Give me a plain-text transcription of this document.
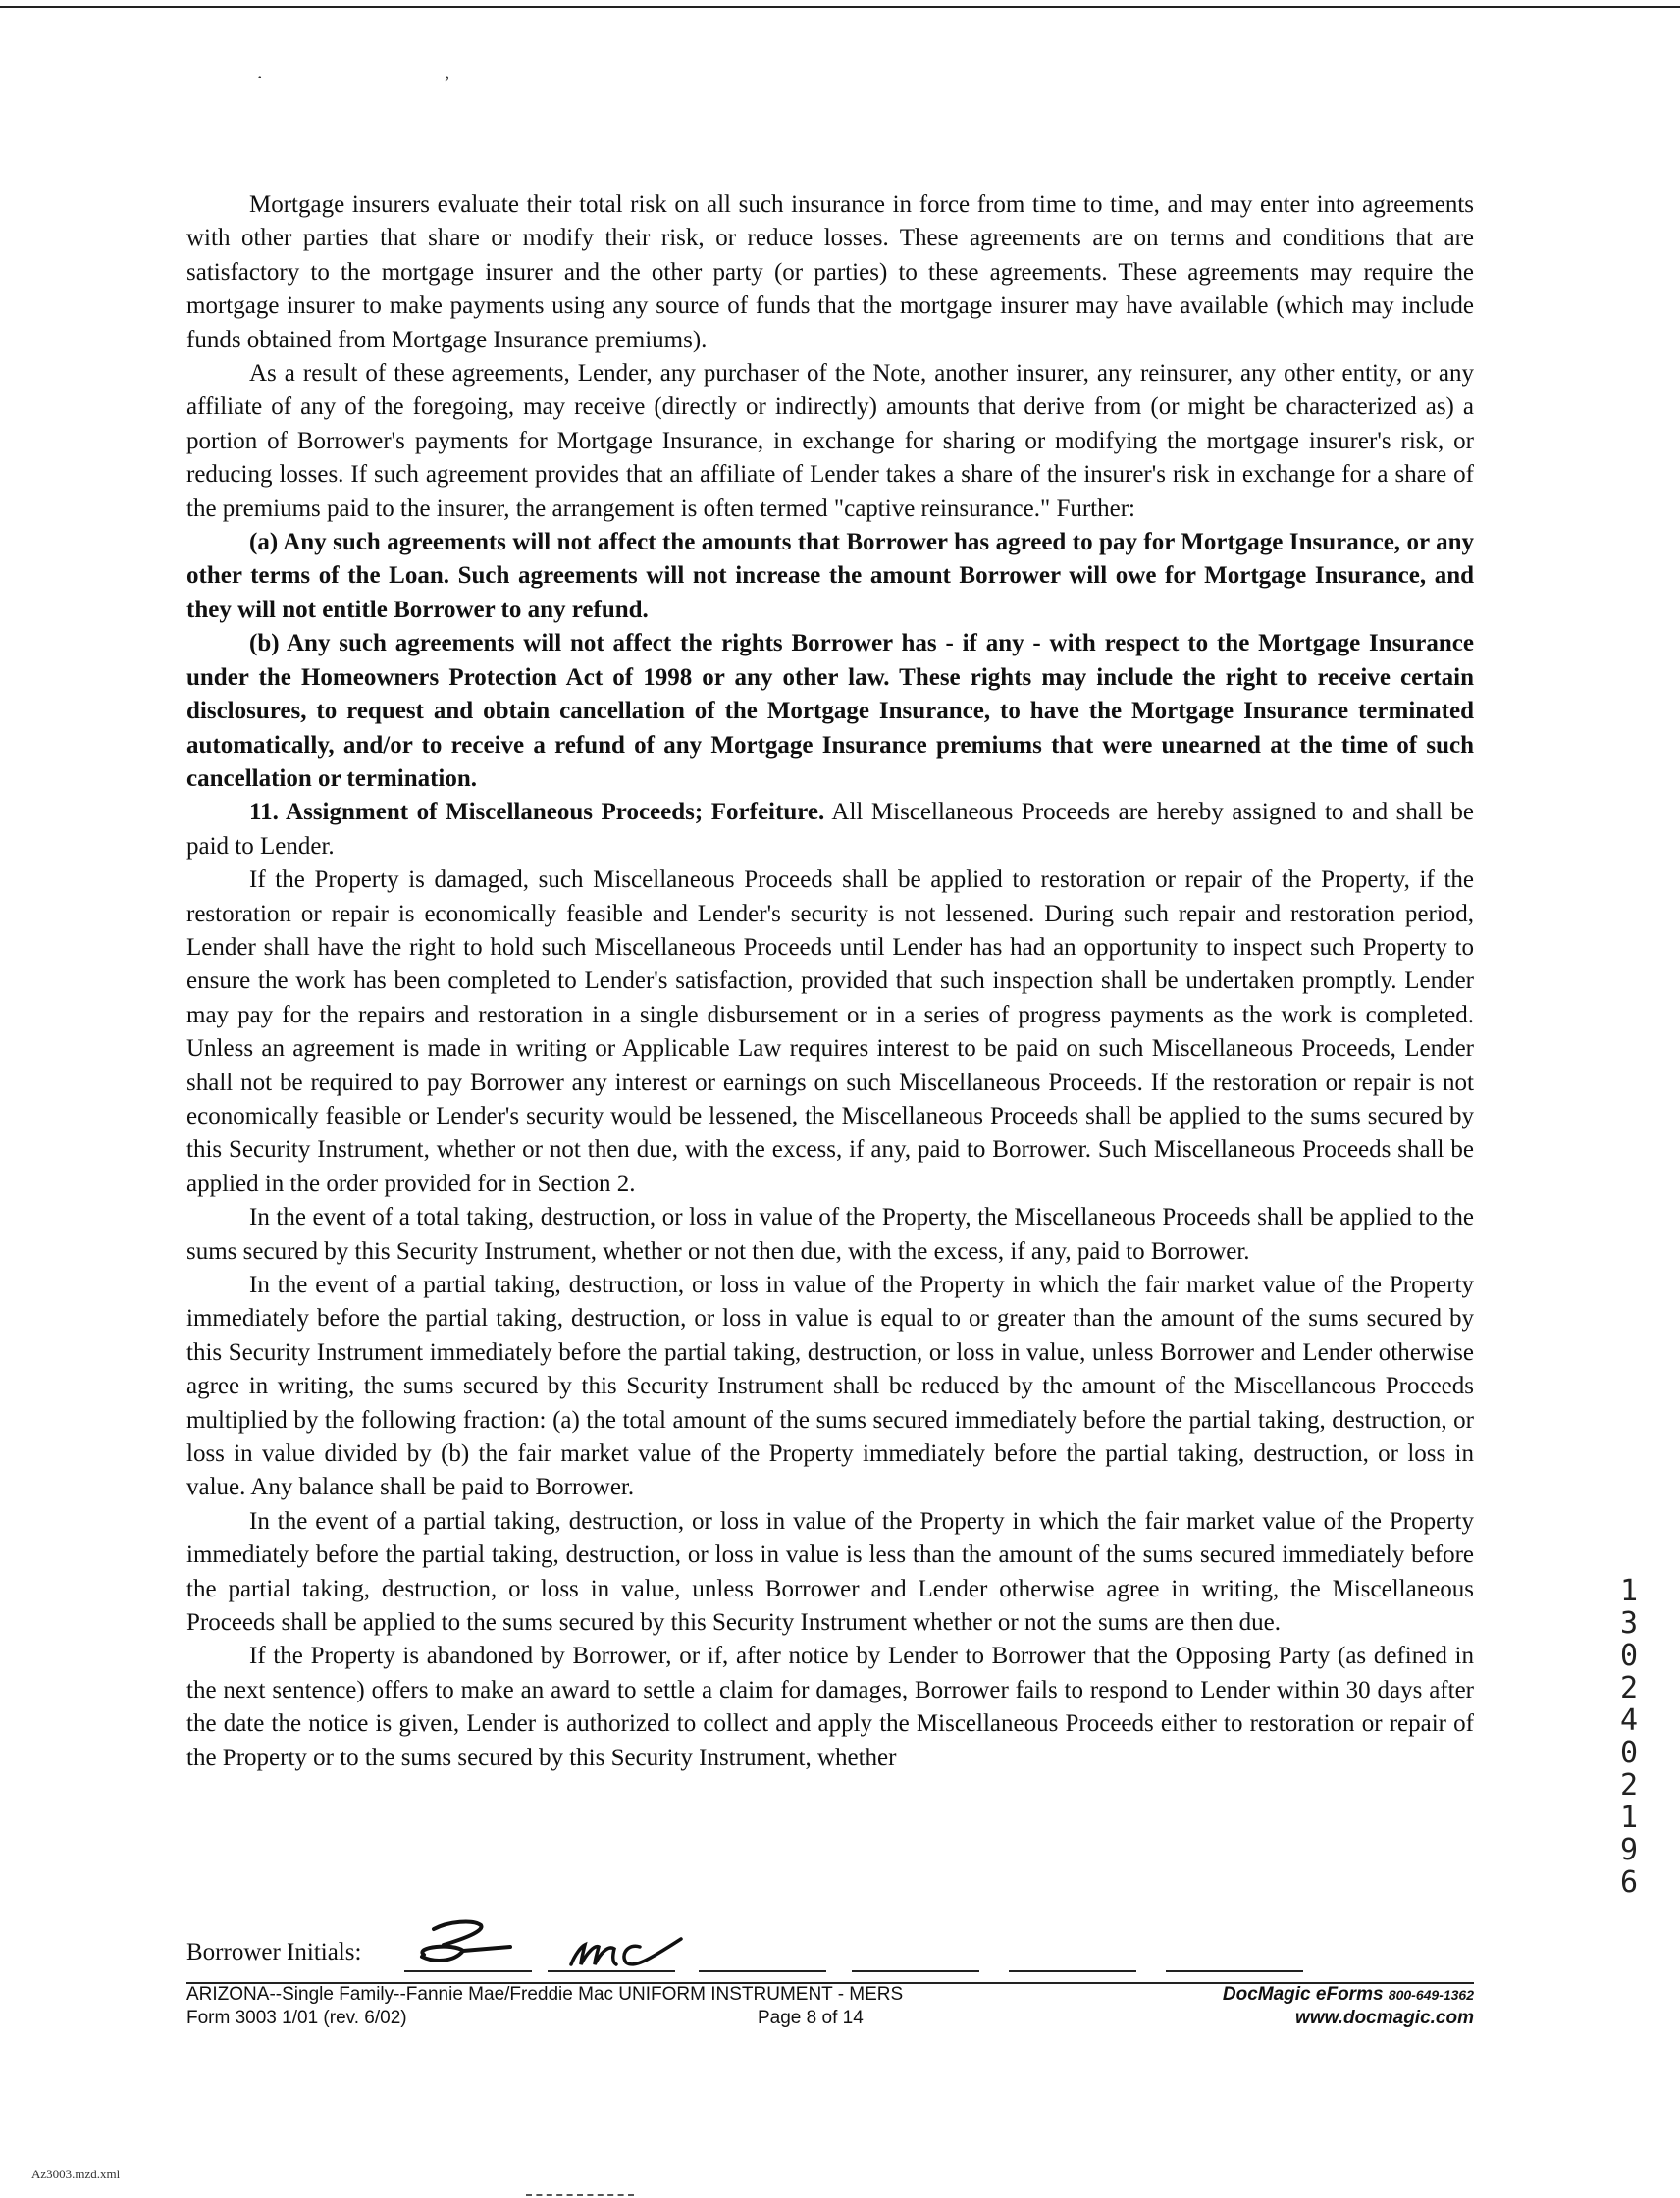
. ,

Mortgage insurers evaluate their total risk on all such insurance in force from time to time, and may enter into agreements with other parties that share or modify their risk, or reduce losses. These agreements are on terms and conditions that are satisfactory to the mortgage insurer and the other party (or parties) to these agreements. These agreements may require the mortgage insurer to make payments using any source of funds that the mortgage insurer may have available (which may include funds obtained from Mortgage Insurance premiums).

As a result of these agreements, Lender, any purchaser of the Note, another insurer, any reinsurer, any other entity, or any affiliate of any of the foregoing, may receive (directly or indirectly) amounts that derive from (or might be characterized as) a portion of Borrower's payments for Mortgage Insurance, in exchange for sharing or modifying the mortgage insurer's risk, or reducing losses. If such agreement provides that an affiliate of Lender takes a share of the insurer's risk in exchange for a share of the premiums paid to the insurer, the arrangement is often termed "captive reinsurance." Further:

(a) Any such agreements will not affect the amounts that Borrower has agreed to pay for Mortgage Insurance, or any other terms of the Loan. Such agreements will not increase the amount Borrower will owe for Mortgage Insurance, and they will not entitle Borrower to any refund.

(b) Any such agreements will not affect the rights Borrower has - if any - with respect to the Mortgage Insurance under the Homeowners Protection Act of 1998 or any other law. These rights may include the right to receive certain disclosures, to request and obtain cancellation of the Mortgage Insurance, to have the Mortgage Insurance terminated automatically, and/or to receive a refund of any Mortgage Insurance premiums that were unearned at the time of such cancellation or termination.

11. Assignment of Miscellaneous Proceeds; Forfeiture. All Miscellaneous Proceeds are hereby assigned to and shall be paid to Lender.

If the Property is damaged, such Miscellaneous Proceeds shall be applied to restoration or repair of the Property, if the restoration or repair is economically feasible and Lender's security is not lessened. During such repair and restoration period, Lender shall have the right to hold such Miscellaneous Proceeds until Lender has had an opportunity to inspect such Property to ensure the work has been completed to Lender's satisfaction, provided that such inspection shall be undertaken promptly. Lender may pay for the repairs and restoration in a single disbursement or in a series of progress payments as the work is completed. Unless an agreement is made in writing or Applicable Law requires interest to be paid on such Miscellaneous Proceeds, Lender shall not be required to pay Borrower any interest or earnings on such Miscellaneous Proceeds. If the restoration or repair is not economically feasible or Lender's security would be lessened, the Miscellaneous Proceeds shall be applied to the sums secured by this Security Instrument, whether or not then due, with the excess, if any, paid to Borrower. Such Miscellaneous Proceeds shall be applied in the order provided for in Section 2.

In the event of a total taking, destruction, or loss in value of the Property, the Miscellaneous Proceeds shall be applied to the sums secured by this Security Instrument, whether or not then due, with the excess, if any, paid to Borrower.

In the event of a partial taking, destruction, or loss in value of the Property in which the fair market value of the Property immediately before the partial taking, destruction, or loss in value is equal to or greater than the amount of the sums secured by this Security Instrument immediately before the partial taking, destruction, or loss in value, unless Borrower and Lender otherwise agree in writing, the sums secured by this Security Instrument shall be reduced by the amount of the Miscellaneous Proceeds multiplied by the following fraction: (a) the total amount of the sums secured immediately before the partial taking, destruction, or loss in value divided by (b) the fair market value of the Property immediately before the partial taking, destruction, or loss in value. Any balance shall be paid to Borrower.

In the event of a partial taking, destruction, or loss in value of the Property in which the fair market value of the Property immediately before the partial taking, destruction, or loss in value is less than the amount of the sums secured immediately before the partial taking, destruction, or loss in value, unless Borrower and Lender otherwise agree in writing, the Miscellaneous Proceeds shall be applied to the sums secured by this Security Instrument whether or not the sums are then due.

If the Property is abandoned by Borrower, or if, after notice by Lender to Borrower that the Opposing Party (as defined in the next sentence) offers to make an award to settle a claim for damages, Borrower fails to respond to Lender within 30 days after the date the notice is given, Lender is authorized to collect and apply the Miscellaneous Proceeds either to restoration or repair of the Property or to the sums secured by this Security Instrument, whether

1
3
0
2
4
0
2
1
9
6
Borrower Initials:
ARIZONA--Single Family--Fannie Mae/Freddie Mac UNIFORM INSTRUMENT - MERS	DocMagic eForms 800-649-1362
Form 3003 1/01 (rev. 6/02)	Page 8 of 14	www.docmagic.com
Az3003.mzd.xml
